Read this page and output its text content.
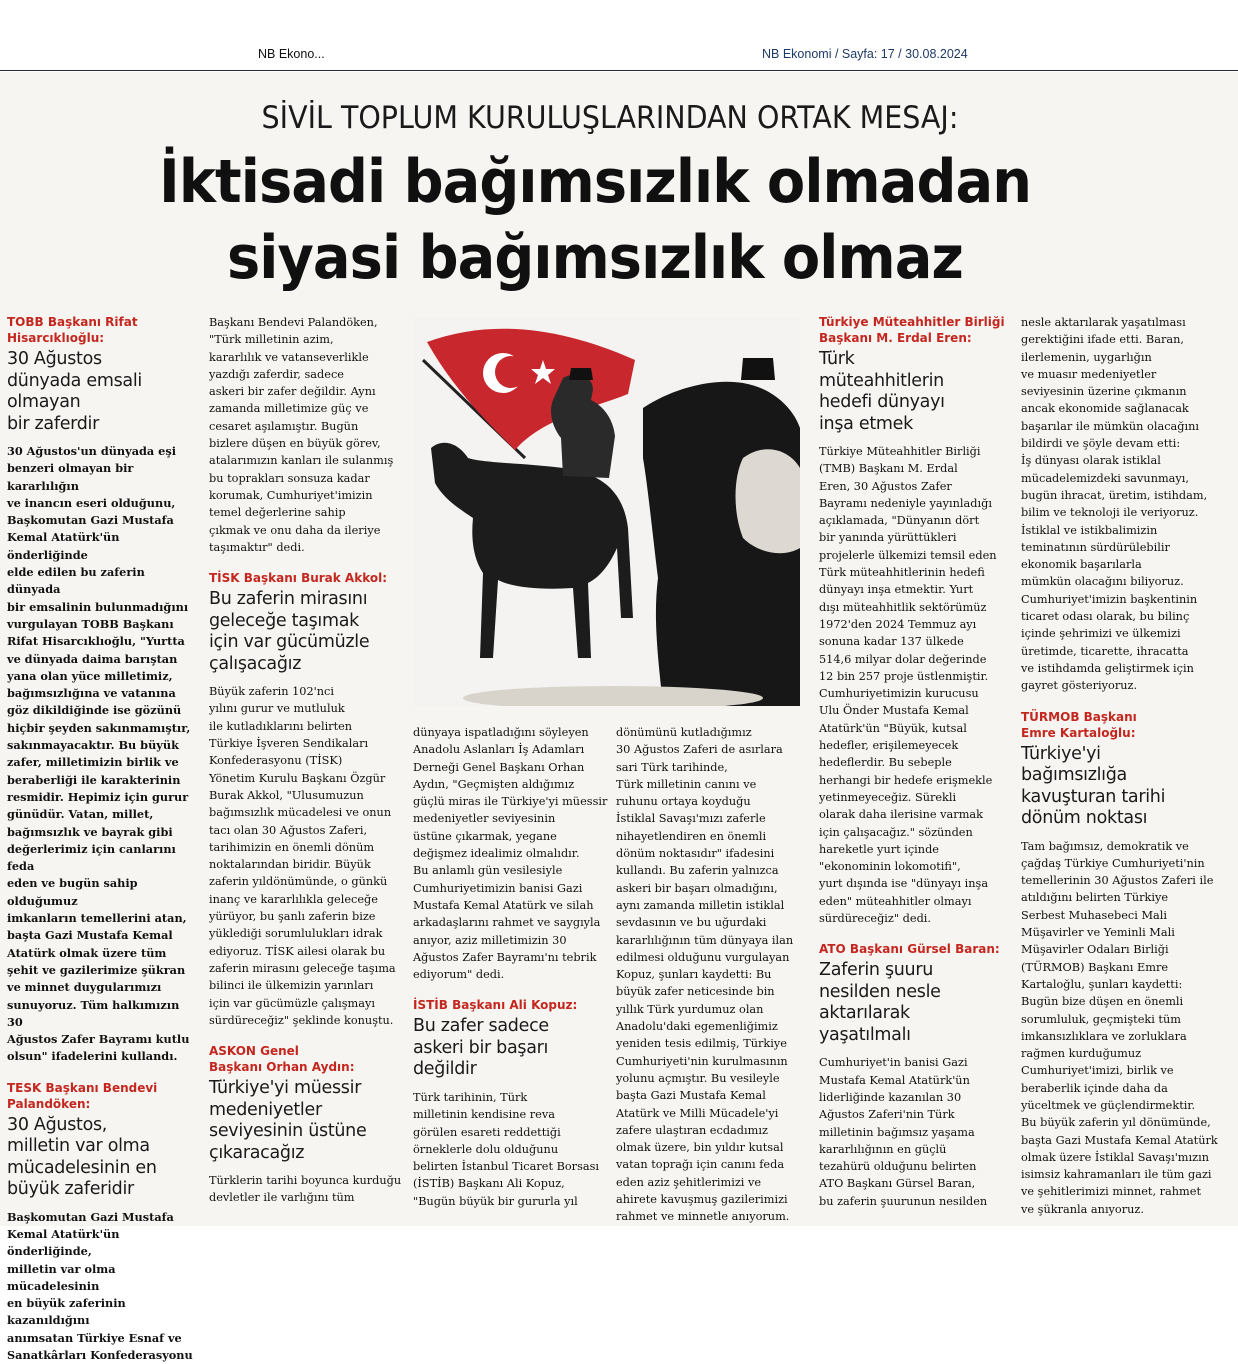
NB Ekono...	NB Ekonomi / Sayfa: 17 / 30.08.2024
SİVİL TOPLUM KURULUŞLARINDAN ORTAK MESAJ:
İktisadi bağımsızlık olmadan
siyasi bağımsızlık olmaz

TOBB Başkanı Rifat

Hisarcıklıoğlu:

30 Ağustos
dünyada emsali
olmayan
bir zaferdir
30 Ağustos'un dünyada eşi
benzeri olmayan bir kararlılığın
ve inancın eseri olduğunu,
Başkomutan Gazi Mustafa
Kemal Atatürk'ün önderliğinde
elde edilen bu zaferin dünyada
bir emsalinin bulunmadığını
vurgulayan TOBB Başkanı
Rifat Hisarcıklıoğlu, "Yurtta
ve dünyada daima barıştan
yana olan yüce milletimiz,
bağımsızlığına ve vatanına
göz dikildiğinde ise gözünü
hiçbir şeyden sakınmamıştır,
sakınmayacaktır. Bu büyük
zafer, milletimizin birlik ve
beraberliği ile karakterinin
resmidir. Hepimiz için gurur
günüdür. Vatan, millet,
bağımsızlık ve bayrak gibi
değerlerimiz için canlarını feda
eden ve bugün sahip olduğumuz
imkanların temellerini atan,
başta Gazi Mustafa Kemal
Atatürk olmak üzere tüm
şehit ve gazilerimize şükran
ve minnet duygularımızı
sunuyoruz. Tüm halkımızın 30
Ağustos Zafer Bayramı kutlu
olsun" ifadelerini kullandı.

TESK Başkanı Bendevi

Palandöken:

30 Ağustos,
milletin var olma
mücadelesinin en
büyük zaferidir
Başkomutan Gazi Mustafa
Kemal Atatürk'ün önderliğinde,
milletin var olma mücadelesinin
en büyük zaferinin kazanıldığını
anımsatan Türkiye Esnaf ve
Sanatkârları Konfederasyonu
Başkanı Bendevi Palandöken,
"Türk milletinin azim,
kararlılık ve vatanseverlikle
yazdığı zaferdir, sadece
askeri bir zafer değildir. Aynı
zamanda milletimize güç ve
cesaret aşılamıştır. Bugün
bizlere düşen en büyük görev,
atalarımızın kanları ile sulanmış
bu toprakları sonsuza kadar
korumak, Cumhuriyet'imizin
temel değerlerine sahip
çıkmak ve onu daha da ileriye
taşımaktır" dedi.

TİSK Başkanı Burak Akkol:

Bu zaferin mirasını
geleceğe taşımak
için var gücümüzle
çalışacağız
Büyük zaferin 102'nci
yılını gurur ve mutluluk
ile kutladıklarını belirten
Türkiye İşveren Sendikaları
Konfederasyonu (TİSK)
Yönetim Kurulu Başkanı Özgür
Burak Akkol, "Ulusumuzun
bağımsızlık mücadelesi ve onun
tacı olan 30 Ağustos Zaferi,
tarihimizin en önemli dönüm
noktalarından biridir. Büyük
zaferin yıldönümünde, o günkü
inanç ve kararlılıkla geleceğe
yürüyor, bu şanlı zaferin bize
yüklediği sorumlulukları idrak
ediyoruz. TİSK ailesi olarak bu
zaferin mirasını geleceğe taşıma
bilinci ile ülkemizin yarınları
için var gücümüzle çalışmayı
sürdüreceğiz" şeklinde konuştu.

ASKON Genel

Başkanı Orhan Aydın:

Türkiye'yi müessir
medeniyetler
seviyesinin üstüne
çıkaracağız
Türklerin tarihi boyunca kurduğu
devletler ile varlığını tüm
dünyaya ispatladığını söyleyen
Anadolu Aslanları İş Adamları
Derneği Genel Başkanı Orhan
Aydın, "Geçmişten aldığımız
güçlü miras ile Türkiye'yi müessir
medeniyetler seviyesinin
üstüne çıkarmak, yegane
değişmez idealimiz olmalıdır.
Bu anlamlı gün vesilesiyle
Cumhuriyetimizin banisi Gazi
Mustafa Kemal Atatürk ve silah
arkadaşlarını rahmet ve saygıyla
anıyor, aziz milletimizin 30
Ağustos Zafer Bayramı'nı tebrik
ediyorum" dedi.

İSTİB Başkanı Ali Kopuz:

Bu zafer sadece
askeri bir başarı
değildir
Türk tarihinin, Türk
milletinin kendisine reva
görülen esareti reddettiği
örneklerle dolu olduğunu
belirten İstanbul Ticaret Borsası
(İSTİB) Başkanı Ali Kopuz,
"Bugün büyük bir gururla yıl
dönümünü kutladığımız
30 Ağustos Zaferi de asırlara
sari Türk tarihinde,
Türk milletinin canını ve
ruhunu ortaya koyduğu
İstiklal Savaşı'mızı zaferle
nihayetlendiren en önemli
dönüm noktasıdır" ifadesini
kullandı. Bu zaferin yalnızca
askeri bir başarı olmadığını,
aynı zamanda milletin istiklal
sevdasının ve bu uğurdaki
kararlılığının tüm dünyaya ilan
edilmesi olduğunu vurgulayan
Kopuz, şunları kaydetti: Bu
büyük zafer neticesinde bin
yıllık Türk yurdumuz olan
Anadolu'daki egemenliğimiz
yeniden tesis edilmiş, Türkiye
Cumhuriyeti'nin kurulmasının
yolunu açmıştır. Bu vesileyle
başta Gazi Mustafa Kemal
Atatürk ve Milli Mücadele'yi
zafere ulaştıran ecdadımız
olmak üzere, bin yıldır kutsal
vatan toprağı için canını feda
eden aziz şehitlerimizi ve
ahirete kavuşmuş gazilerimizi
rahmet ve minnetle anıyorum.

Türkiye Müteahhitler Birliği

Başkanı M. Erdal Eren:

Türk
müteahhitlerin
hedefi dünyayı
inşa etmek
Türkiye Müteahhitler Birliği
(TMB) Başkanı M. Erdal
Eren, 30 Ağustos Zafer
Bayramı nedeniyle yayınladığı
açıklamada, "Dünyanın dört
bir yanında yürüttükleri
projelerle ülkemizi temsil eden
Türk müteahhitlerinin hedefi
dünyayı inşa etmektir. Yurt
dışı müteahhitlik sektörümüz
1972'den 2024 Temmuz ayı
sonuna kadar 137 ülkede
514,6 milyar dolar değerinde
12 bin 257 proje üstlenmiştir.
Cumhuriyetimizin kurucusu
Ulu Önder Mustafa Kemal
Atatürk'ün "Büyük, kutsal
hedefler, erişilemeyecek
hedeflerdir. Bu sebeple
herhangi bir hedefe erişmekle
yetinmeyeceğiz. Sürekli
olarak daha ilerisine varmak
için çalışacağız." sözünden
hareketle yurt içinde
"ekonominin lokomotifi",
yurt dışında ise "dünyayı inşa
eden" müteahhitler olmayı
sürdüreceğiz" dedi.

ATO Başkanı Gürsel Baran:

Zaferin şuuru
nesilden nesle
aktarılarak
yaşatılmalı
Cumhuriyet'in banisi Gazi
Mustafa Kemal Atatürk'ün
liderliğinde kazanılan 30
Ağustos Zaferi'nin Türk
milletinin bağımsız yaşama
kararlılığının en güçlü
tezahürü olduğunu belirten
ATO Başkanı Gürsel Baran,
bu zaferin şuurunun nesilden
nesle aktarılarak yaşatılması
gerektiğini ifade etti. Baran,
ilerlemenin, uygarlığın
ve muasır medeniyetler
seviyesinin üzerine çıkmanın
ancak ekonomide sağlanacak
başarılar ile mümkün olacağını
bildirdi ve şöyle devam etti:
İş dünyası olarak istiklal
mücadelemizdeki savunmayı,
bugün ihracat, üretim, istihdam,
bilim ve teknoloji ile veriyoruz.
İstiklal ve istikbalimizin
teminatının sürdürülebilir
ekonomik başarılarla
mümkün olacağını biliyoruz.
Cumhuriyet'imizin başkentinin
ticaret odası olarak, bu bilinç
içinde şehrimizi ve ülkemizi
üretimde, ticarette, ihracatta
ve istihdamda geliştirmek için
gayret gösteriyoruz.

TÜRMOB Başkanı

Emre Kartaloğlu:

Türkiye'yi
bağımsızlığa
kavuşturan tarihi
dönüm noktası
Tam bağımsız, demokratik ve
çağdaş Türkiye Cumhuriyeti'nin
temellerinin 30 Ağustos Zaferi ile
atıldığını belirten Türkiye
Serbest Muhasebeci Mali
Müşavirler ve Yeminli Mali
Müşavirler Odaları Birliği
(TÜRMOB) Başkanı Emre
Kartaloğlu, şunları kaydetti:
Bugün bize düşen en önemli
sorumluluk, geçmişteki tüm
imkansızlıklara ve zorluklara
rağmen kurduğumuz
Cumhuriyet'imizi, birlik ve
beraberlik içinde daha da
yüceltmek ve güçlendirmektir.
Bu büyük zaferin yıl dönümünde,
başta Gazi Mustafa Kemal Atatürk
olmak üzere İstiklal Savaşı'mızın
isimsiz kahramanları ile tüm gazi
ve şehitlerimizi minnet, rahmet
ve şükranla anıyoruz.
